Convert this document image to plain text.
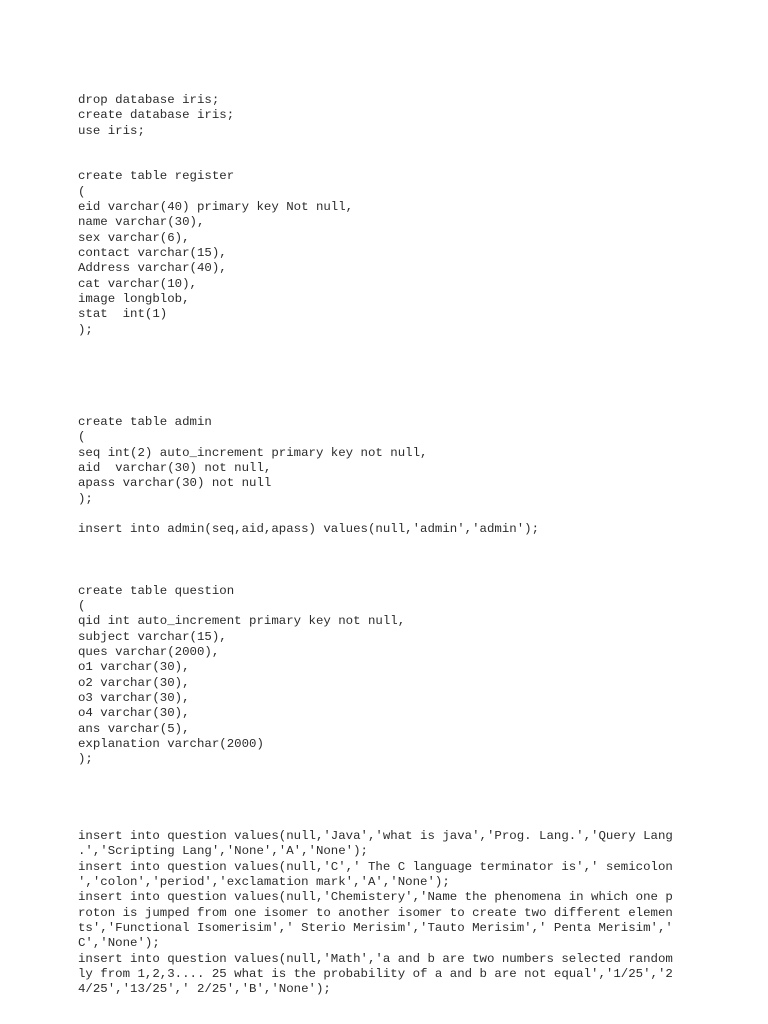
drop database iris;

create database iris;

use iris;

create table register

(

eid varchar(40) primary key Not null,

name varchar(30),

sex varchar(6),

contact varchar(15),

Address varchar(40),

cat varchar(10),

image longblob,

stat  int(1)

);

create table admin

(

seq int(2) auto_increment primary key not null,

aid  varchar(30) not null,

apass varchar(30) not null

);

insert into admin(seq,aid,apass) values(null,'admin','admin');

create table question

(

qid int auto_increment primary key not null,

subject varchar(15),

ques varchar(2000),

o1 varchar(30),

o2 varchar(30),

o3 varchar(30),

o4 varchar(30),

ans varchar(5),

explanation varchar(2000)

);

insert into question values(null,'Java','what is java','Prog. Lang.','Query Lang

.','Scripting Lang','None','A','None');

insert into question values(null,'C',' The C language terminator is',' semicolon

','colon','period','exclamation mark','A','None');

insert into question values(null,'Chemistery','Name the phenomena in which one p

roton is jumped from one isomer to another isomer to create two different elemen

ts','Functional Isomerisim',' Sterio Merisim','Tauto Merisim',' Penta Merisim','

C','None');

insert into question values(null,'Math','a and b are two numbers selected random

ly from 1,2,3.... 25 what is the probability of a and b are not equal','1/25','2

4/25','13/25',' 2/25','B','None');
